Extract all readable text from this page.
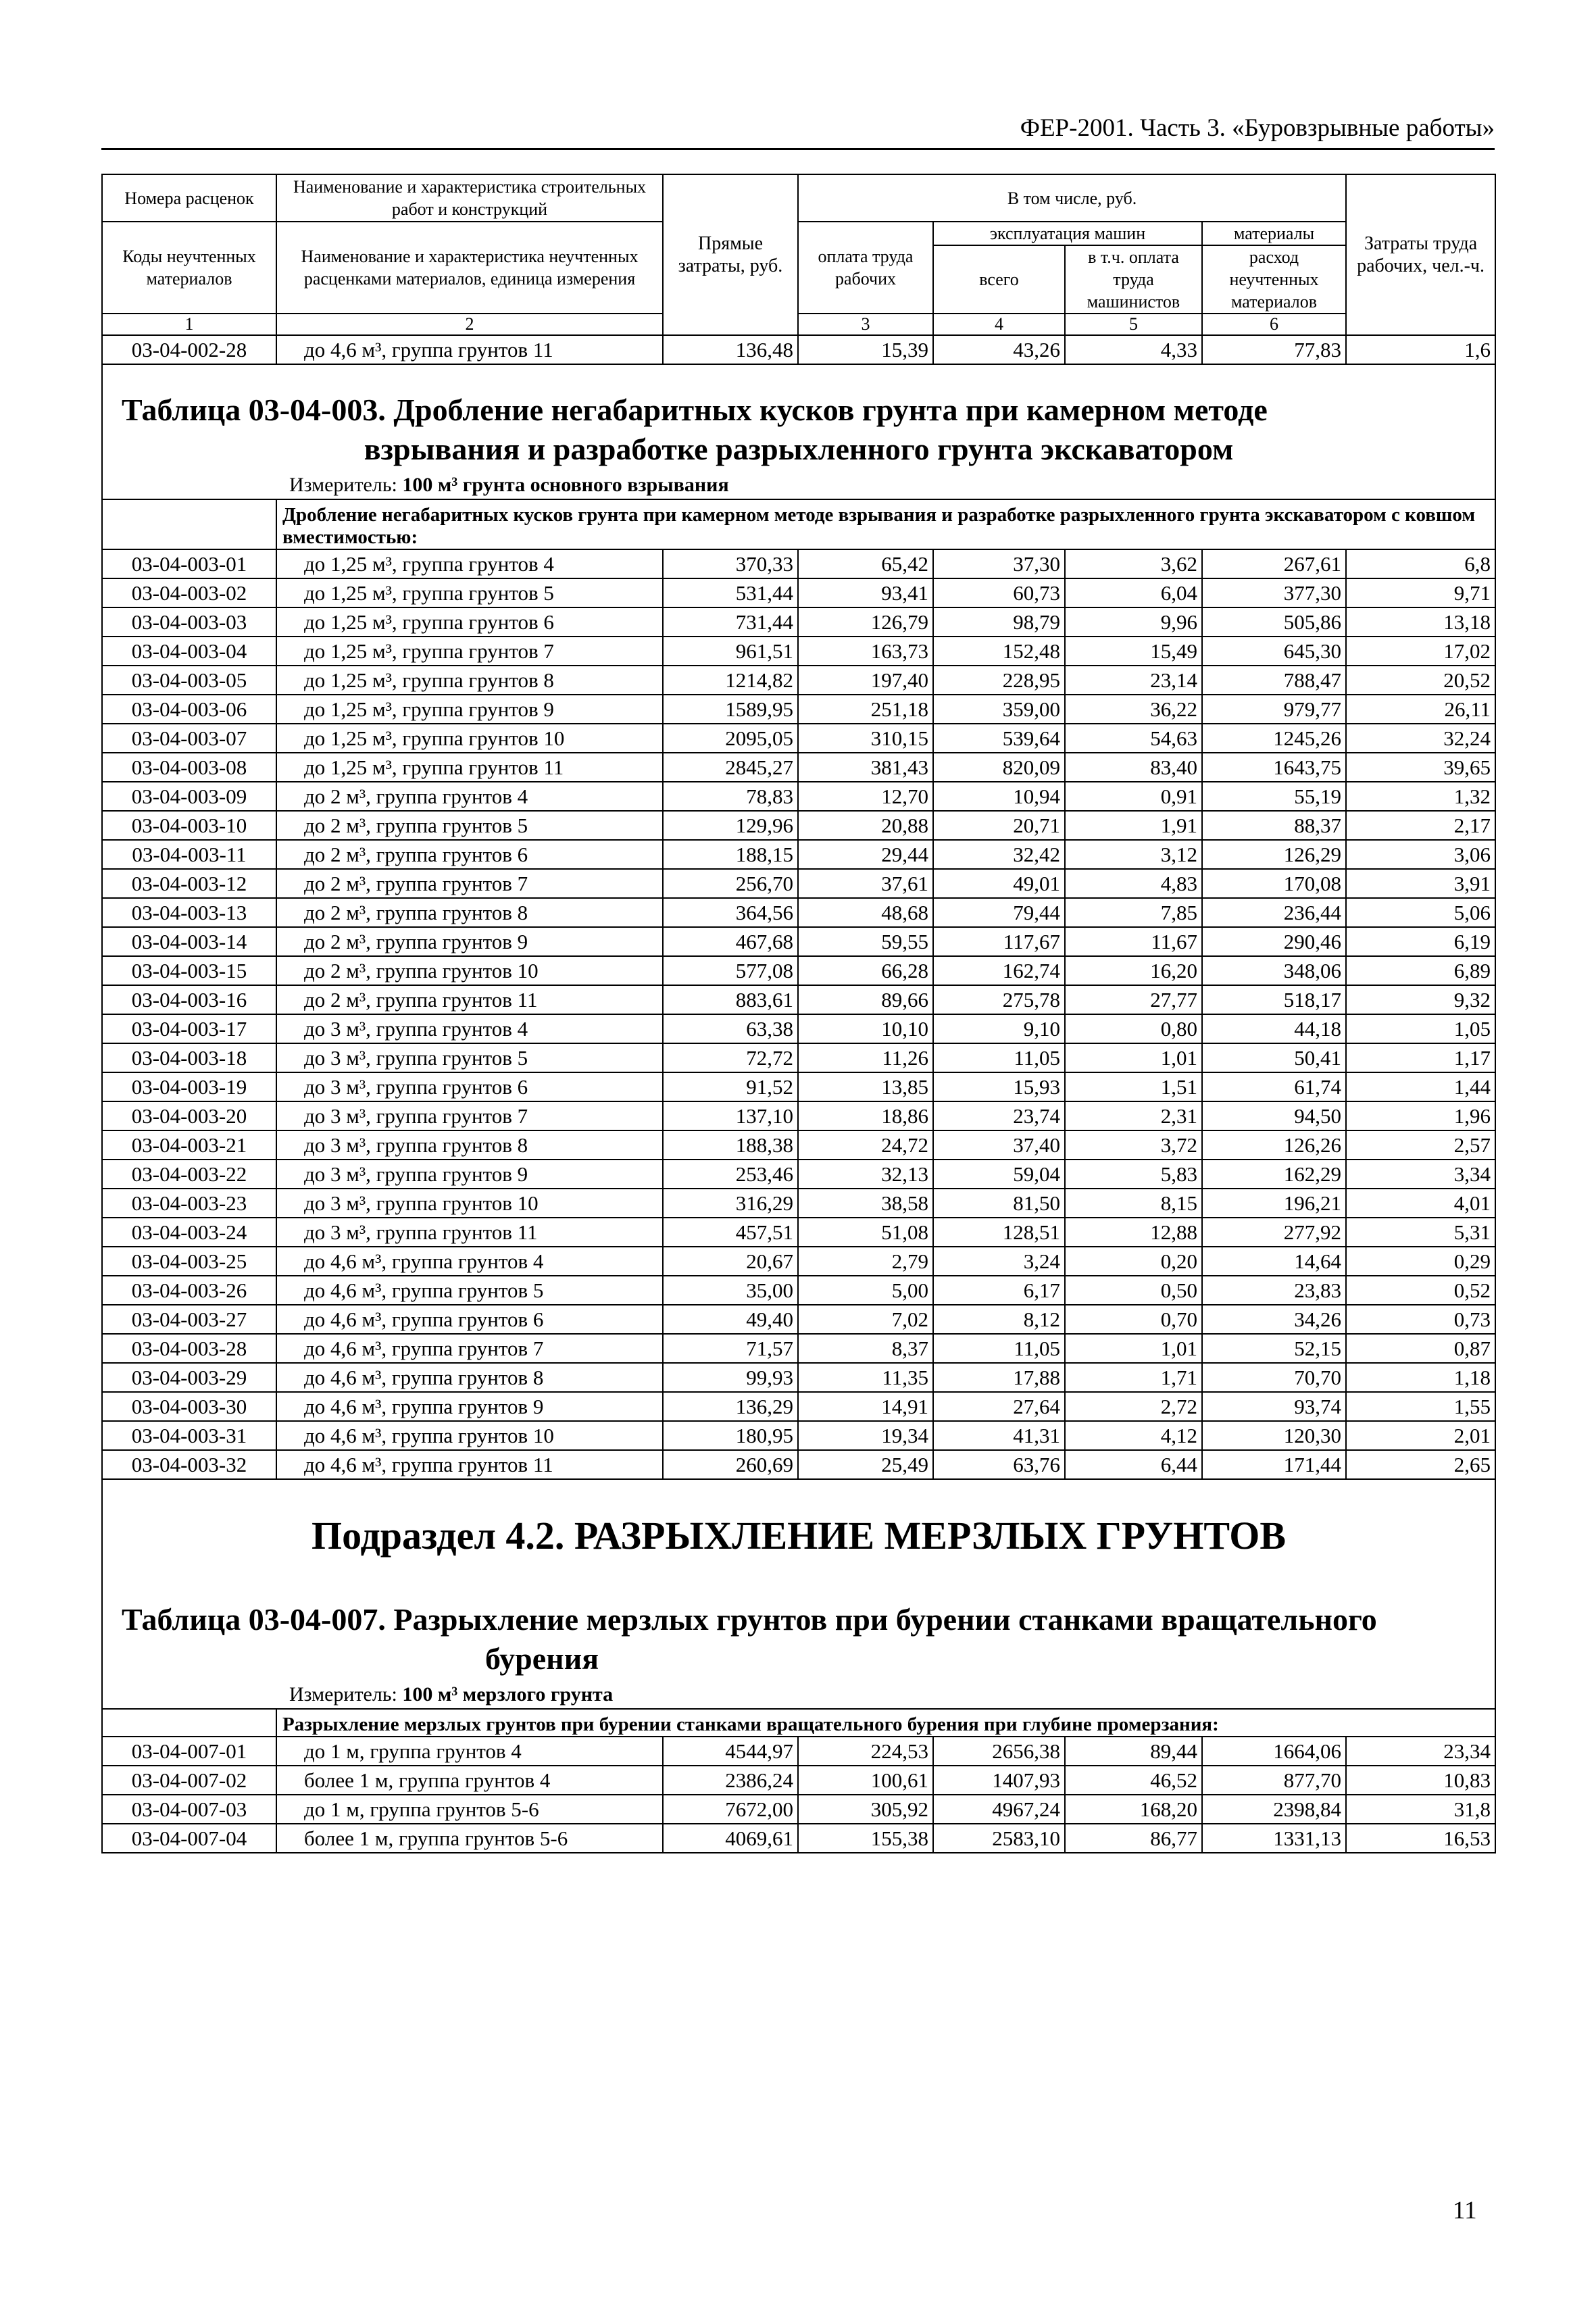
ФЕР-2001. Часть 3. «Буровзрывные работы»
Номера расценок	Наименование и характеристика строительных работ и конструкций	Прямые затраты, руб.	В том числе, руб.				Затраты труда рабочих, чел.-ч.	
Коды неучтенных материалов	Наименование и характеристика неучтенных расценками материалов, единица измерения		оплата труда рабочих	эксплуатация машин		материалы		
				всего	в т.ч. оплата труда машинистов	расход неучтенных материалов		
1	2		3	4	5	6		
03-04-002-28	до 4,6 м³, группа грунтов 11	136,48	15,39	43,26	4,33	77,83	1,6	

Таблица 03-04-003. Дробление негабаритных кусков грунта при камерном методе
взрывания и разработке разрыхленного грунта экскаватором
Измеритель: 100 м³ грунта основного взрывания								

	Дробление негабаритных кусков грунта при камерном методе взрывания и разработке разрыхленного грунта экскаватором с ковшом вместимостью:							
03-04-003-01	до 1,25 м³, группа грунтов 4	370,33	65,42	37,30	3,62	267,61	6,8	
03-04-003-02	до 1,25 м³, группа грунтов 5	531,44	93,41	60,73	6,04	377,30	9,71	
03-04-003-03	до 1,25 м³, группа грунтов 6	731,44	126,79	98,79	9,96	505,86	13,18	
03-04-003-04	до 1,25 м³, группа грунтов 7	961,51	163,73	152,48	15,49	645,30	17,02	
03-04-003-05	до 1,25 м³, группа грунтов 8	1214,82	197,40	228,95	23,14	788,47	20,52	
03-04-003-06	до 1,25 м³, группа грунтов 9	1589,95	251,18	359,00	36,22	979,77	26,11	
03-04-003-07	до 1,25 м³, группа грунтов 10	2095,05	310,15	539,64	54,63	1245,26	32,24	
03-04-003-08	до 1,25 м³, группа грунтов 11	2845,27	381,43	820,09	83,40	1643,75	39,65	
03-04-003-09	до 2 м³, группа грунтов 4	78,83	12,70	10,94	0,91	55,19	1,32	
03-04-003-10	до 2 м³, группа грунтов 5	129,96	20,88	20,71	1,91	88,37	2,17	
03-04-003-11	до 2 м³, группа грунтов 6	188,15	29,44	32,42	3,12	126,29	3,06	
03-04-003-12	до 2 м³, группа грунтов 7	256,70	37,61	49,01	4,83	170,08	3,91	
03-04-003-13	до 2 м³, группа грунтов 8	364,56	48,68	79,44	7,85	236,44	5,06	
03-04-003-14	до 2 м³, группа грунтов 9	467,68	59,55	117,67	11,67	290,46	6,19	
03-04-003-15	до 2 м³, группа грунтов 10	577,08	66,28	162,74	16,20	348,06	6,89	
03-04-003-16	до 2 м³, группа грунтов 11	883,61	89,66	275,78	27,77	518,17	9,32	
03-04-003-17	до 3 м³, группа грунтов 4	63,38	10,10	9,10	0,80	44,18	1,05	
03-04-003-18	до 3 м³, группа грунтов 5	72,72	11,26	11,05	1,01	50,41	1,17	
03-04-003-19	до 3 м³, группа грунтов 6	91,52	13,85	15,93	1,51	61,74	1,44	
03-04-003-20	до 3 м³, группа грунтов 7	137,10	18,86	23,74	2,31	94,50	1,96	
03-04-003-21	до 3 м³, группа грунтов 8	188,38	24,72	37,40	3,72	126,26	2,57	
03-04-003-22	до 3 м³, группа грунтов 9	253,46	32,13	59,04	5,83	162,29	3,34	
03-04-003-23	до 3 м³, группа грунтов 10	316,29	38,58	81,50	8,15	196,21	4,01	
03-04-003-24	до 3 м³, группа грунтов 11	457,51	51,08	128,51	12,88	277,92	5,31	
03-04-003-25	до 4,6 м³, группа грунтов 4	20,67	2,79	3,24	0,20	14,64	0,29	
03-04-003-26	до 4,6 м³, группа грунтов 5	35,00	5,00	6,17	0,50	23,83	0,52	
03-04-003-27	до 4,6 м³, группа грунтов 6	49,40	7,02	8,12	0,70	34,26	0,73	
03-04-003-28	до 4,6 м³, группа грунтов 7	71,57	8,37	11,05	1,01	52,15	0,87	
03-04-003-29	до 4,6 м³, группа грунтов 8	99,93	11,35	17,88	1,71	70,70	1,18	
03-04-003-30	до 4,6 м³, группа грунтов 9	136,29	14,91	27,64	2,72	93,74	1,55	
03-04-003-31	до 4,6 м³, группа грунтов 10	180,95	19,34	41,31	4,12	120,30	2,01	
03-04-003-32	до 4,6 м³, группа грунтов 11	260,69	25,49	63,76	6,44	171,44	2,65	

Подраздел 4.2. РАЗРЫХЛЕНИЕ МЕРЗЛЫХ ГРУНТОВ
Таблица 03-04-007. Разрыхление мерзлых грунтов при бурении станками вращательного
бурения
Измеритель: 100 м³ мерзлого грунта								

	Разрыхление мерзлых грунтов при бурении станками вращательного бурения при глубине промерзания:							
03-04-007-01	до 1 м, группа грунтов 4	4544,97	224,53	2656,38	89,44	1664,06	23,34	
03-04-007-02	более 1 м, группа грунтов 4	2386,24	100,61	1407,93	46,52	877,70	10,83	
03-04-007-03	до 1 м, группа грунтов 5-6	7672,00	305,92	4967,24	168,20	2398,84	31,8	
03-04-007-04	более 1 м, группа грунтов 5-6	4069,61	155,38	2583,10	86,77	1331,13	16,53	
11
